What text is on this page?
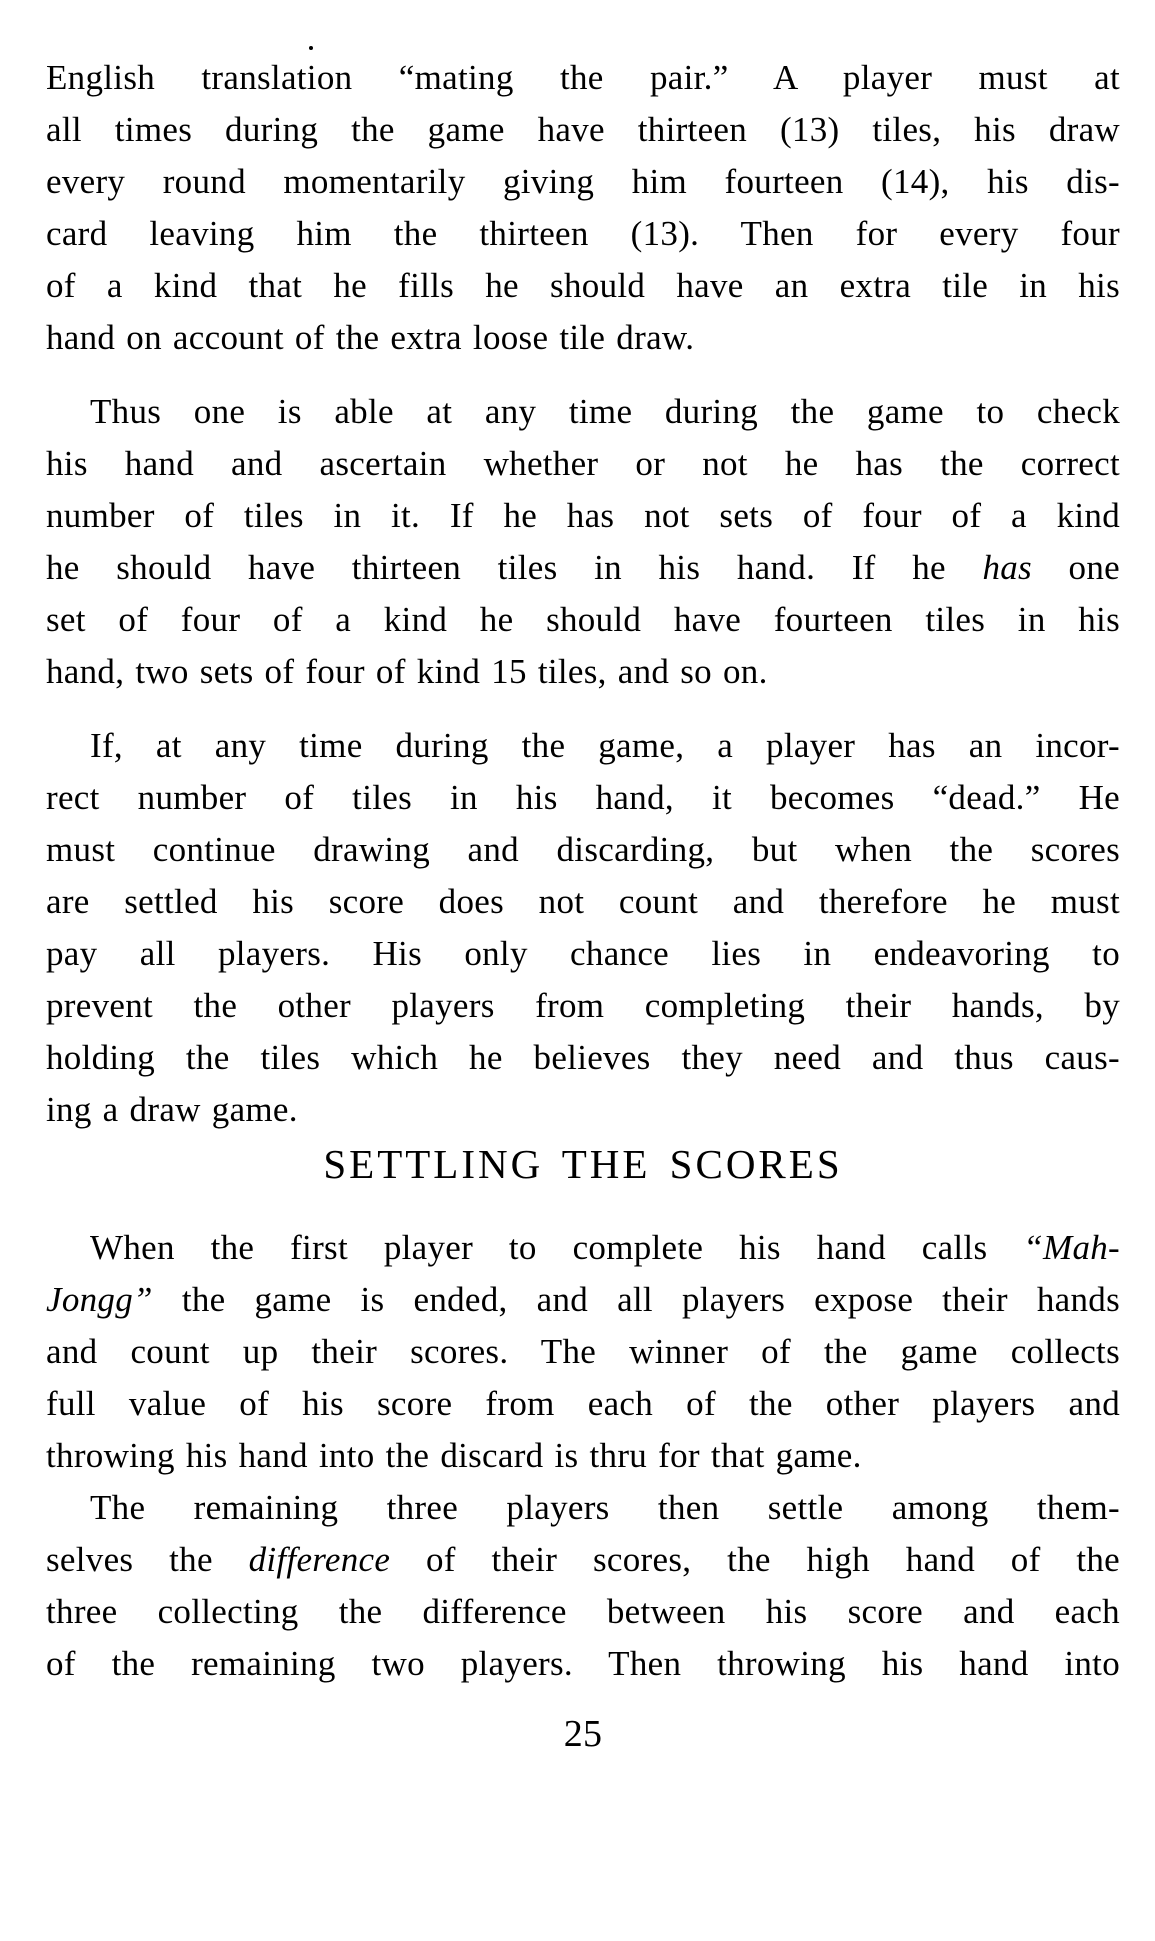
English translation “mating the pair.” A player must at
all times during the game have thirteen (13) tiles, his draw
every round momentarily giving him fourteen (14), his dis-
card leaving him the thirteen (13). Then for every four
of a kind that he fills he should have an extra tile in his
hand on account of the extra loose tile draw.
Thus one is able at any time during the game to check
his hand and ascertain whether or not he has the correct
number of tiles in it. If he has not sets of four of a kind
he should have thirteen tiles in his hand. If he has one
set of four of a kind he should have fourteen tiles in his
hand, two sets of four of kind 15 tiles, and so on.
If, at any time during the game, a player has an incor-
rect number of tiles in his hand, it becomes “dead.” He
must continue drawing and discarding, but when the scores
are settled his score does not count and therefore he must
pay all players. His only chance lies in endeavoring to
prevent the other players from completing their hands, by
holding the tiles which he believes they need and thus caus-
ing a draw game.
SETTLING THE SCORES
When the first player to complete his hand calls “Mah-
Jongg” the game is ended, and all players expose their hands
and count up their scores. The winner of the game collects
full value of his score from each of the other players and
throwing his hand into the discard is thru for that game.
The remaining three players then settle among them-
selves the difference of their scores, the high hand of the
three collecting the difference between his score and each
of the remaining two players. Then throwing his hand into
25
